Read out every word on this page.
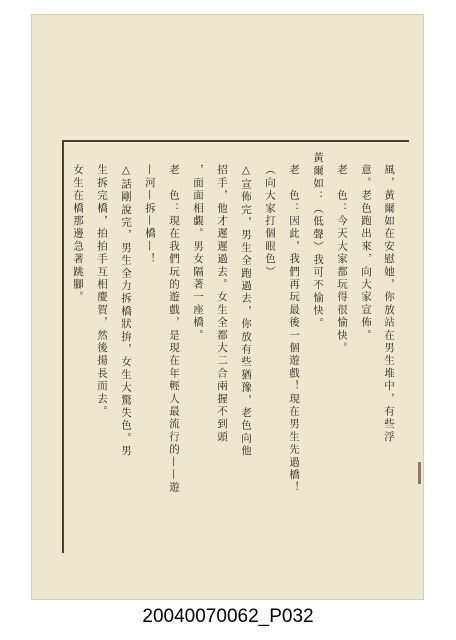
風，黃爾如在安慰她，你放站在男生堆中，有些浮
意。老色跑出來，向大家宣佈。
老　色：今天大家都玩得很愉快。
黃爾如：（低聲）我可不愉快。
老　色：因此，我們再玩最後一個遊戲！現在男生先過橋！
（向大家打個眼色）
△宣佈完，男生全跑過去，你放有些猶豫，老色向他
招手，他才遲遲過去。女生全都大二合兩握不到頭
，面面相覷。男女隔著一座橋。
老　色：現在我們玩的遊戲，是現在年輕人最流行的——遊
—河—拆—橋—！
△話剛說完，男生全力拆橋狀拚，女生大驚失色。男
生拆完橋，拍拍手互相慶賀，然後揚長而去。
女生在橋那邊急著跳腳。
20040070062_P032
